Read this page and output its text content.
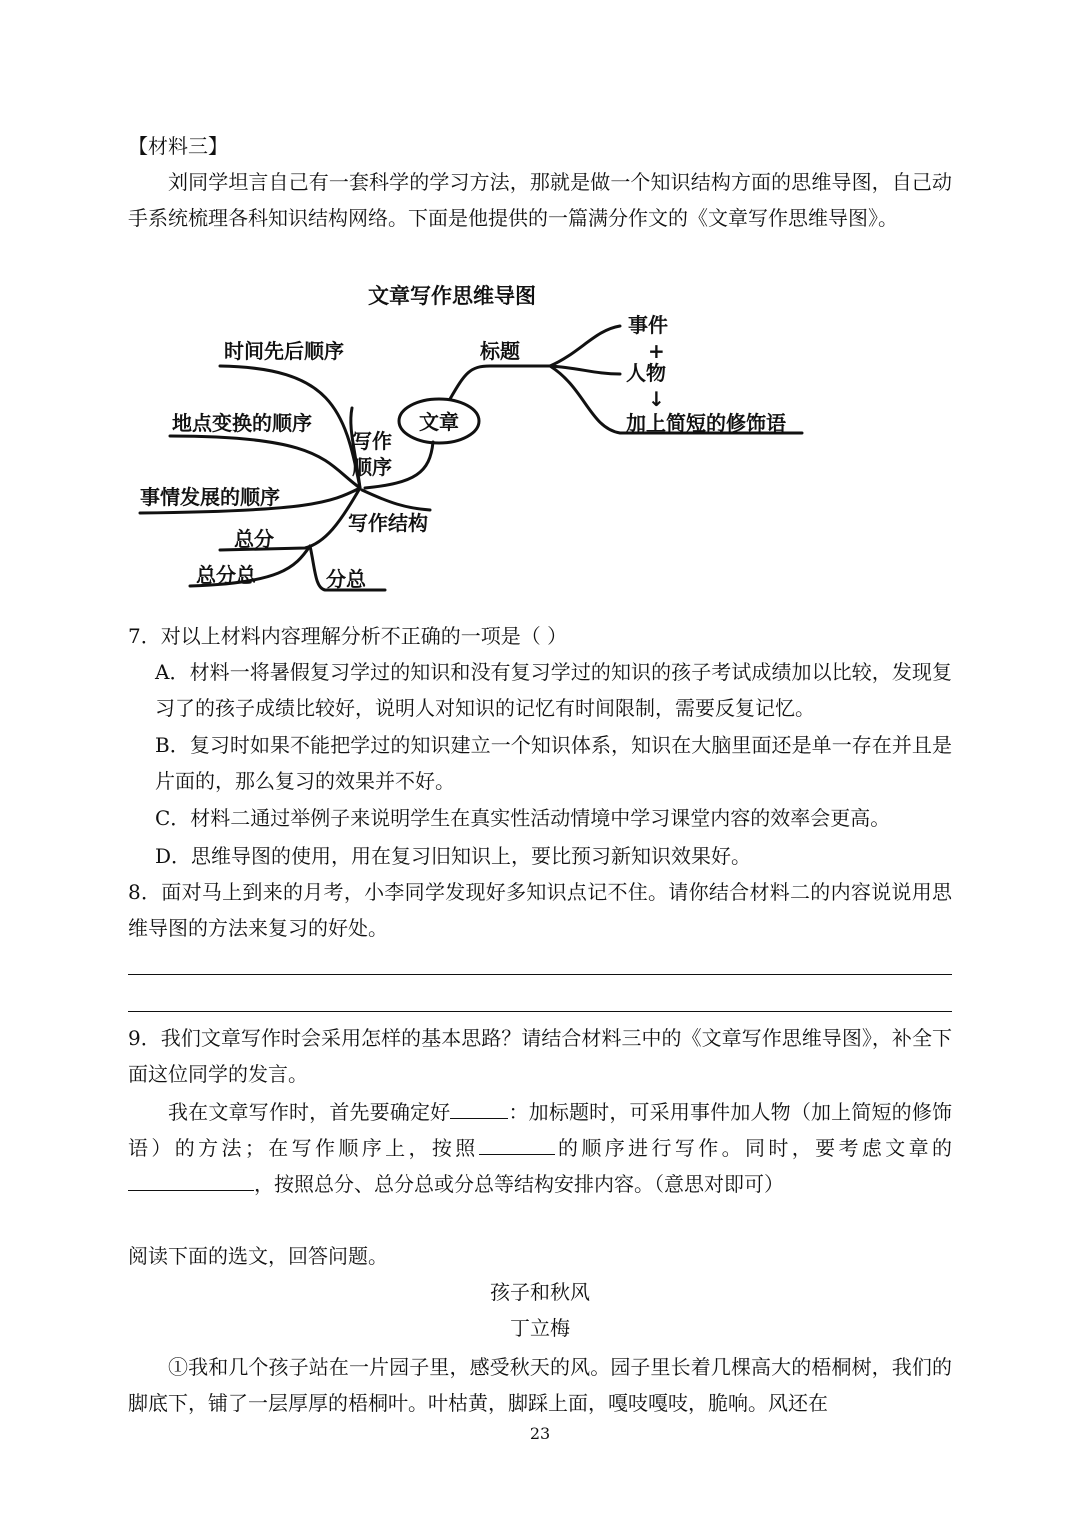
【材料三】
刘同学坦言自己有一套科学的学习方法，那就是做一个知识结构方面的思维导图，自己动手系统梳理各科知识结构网络。下面是他提供的一篇满分作文的《文章写作思维导图》。
文章写作思维导图
文章
标题
事件
+
人物
↓
加上简短的修饰语
写作
顺序
时间先后顺序
地点变换的顺序
事情发展的顺序
写作结构
总分
总分总	分总
7．对以上材料内容理解分析不正确的一项是（ ）
A．材料一将暑假复习学过的知识和没有复习学过的知识的孩子考试成绩加以比较，发现复习了的孩子成绩比较好，说明人对知识的记忆有时间限制，需要反复记忆。
B．复习时如果不能把学过的知识建立一个知识体系，知识在大脑里面还是单一存在并且是片面的，那么复习的效果并不好。
C．材料二通过举例子来说明学生在真实性活动情境中学习课堂内容的效率会更高。
D．思维导图的使用，用在复习旧知识上，要比预习新知识效果好。
8．面对马上到来的月考，小李同学发现好多知识点记不住。请你结合材料二的内容说说用思维导图的方法来复习的好处。
9．我们文章写作时会采用怎样的基本思路？请结合材料三中的《文章写作思维导图》，补全下面这位同学的发言。
我在文章写作时，首先要确定好	：加标题时，可采用事件加人物（加上简短的修饰语）的方法；在写作顺序上，按照	的顺序进行写作。同时，要考虑文章的，按照总分、总分总或分总等结构安排内容。（意思对即可）
阅读下面的选文，回答问题。
孩子和秋风
丁立梅
①我和几个孩子站在一片园子里，感受秋天的风。园子里长着几棵高大的梧桐树，我们的脚底下，铺了一层厚厚的梧桐叶。叶枯黄，脚踩上面，嘎吱嘎吱，脆响。风还在
23
